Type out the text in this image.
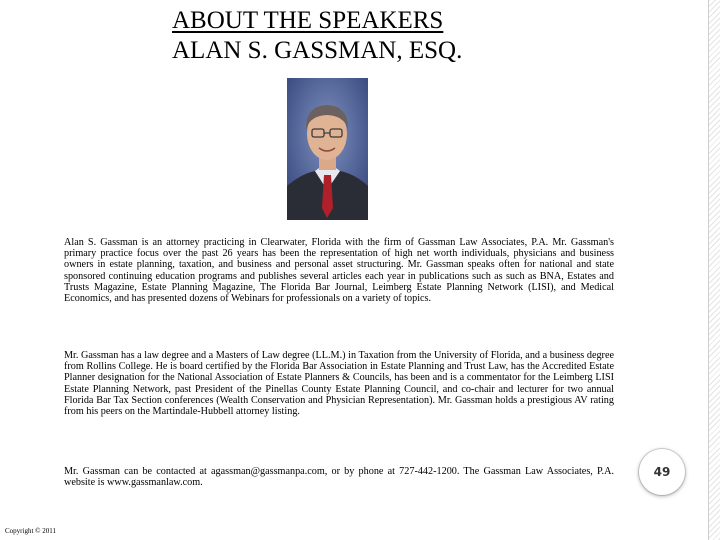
ABOUT THE SPEAKERS
ALAN S. GASSMAN, ESQ.

Alan S. Gassman is an attorney practicing in Clearwater, Florida with the firm of Gassman Law Associates, P.A. Mr. Gassman's primary practice focus over the past 26 years has been the representation of high net worth individuals, physicians and business owners in estate planning, taxation, and business and personal asset structuring. Mr. Gassman speaks often for national and state sponsored continuing education programs and publishes several articles each year in publications such as such as BNA, Estates and Trusts Magazine, Estate Planning Magazine, The Florida Bar Journal, Leimberg Estate Planning Network (LISI), and Medical Economics, and has presented dozens of Webinars for professionals on a variety of topics.

Mr. Gassman has a law degree and a Masters of Law degree (LL.M.) in Taxation from the University of Florida, and a business degree from Rollins College. He is board certified by the Florida Bar Association in Estate Planning and Trust Law, has the Accredited Estate Planner designation for the National Association of Estate Planners & Councils, has been and is a commentator for the Leimberg LISI Estate Planning Network, past President of the Pinellas County Estate Planning Council, and co-chair and lecturer for two annual Florida Bar Tax Section conferences (Wealth Conservation and Physician Representation). Mr. Gassman holds a prestigious AV rating from his peers on the Martindale-Hubbell attorney listing.

Mr. Gassman can be contacted at agassman@gassmanpa.com, or by phone at 727-442-1200. The Gassman Law Associates, P.A. website is www.gassmanlaw.com.

49
Copyright © 2011
